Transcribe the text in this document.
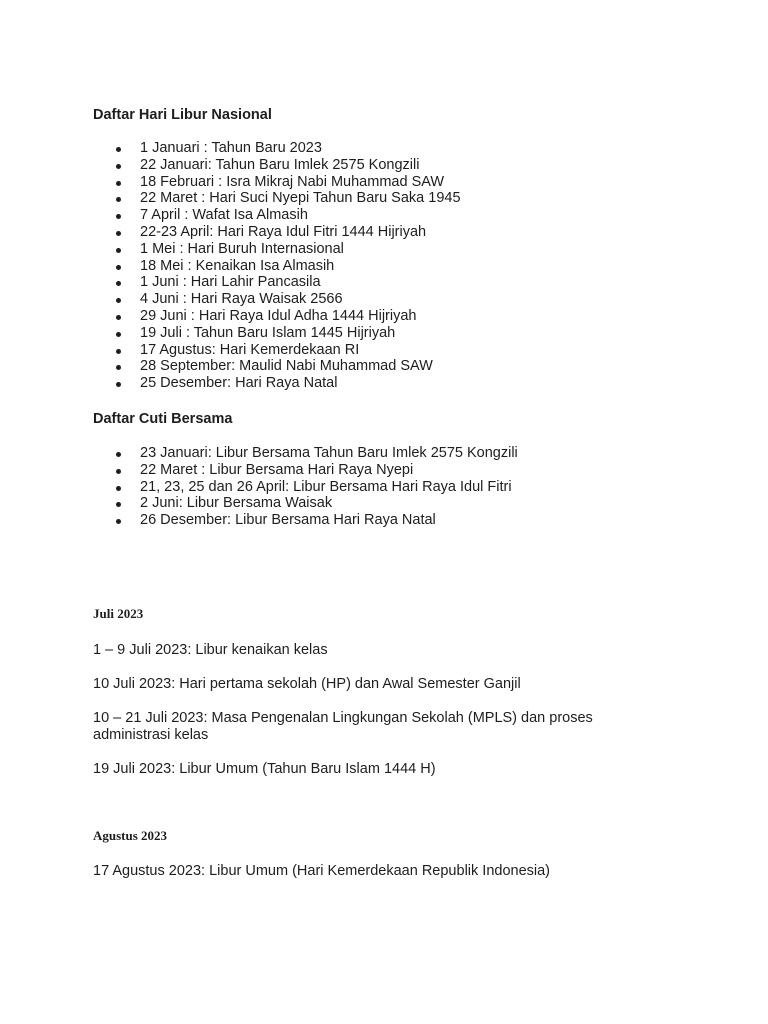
Daftar Hari Libur Nasional
1 Januari : Tahun Baru 2023
22 Januari: Tahun Baru Imlek 2575 Kongzili
18 Februari : Isra Mikraj Nabi Muhammad SAW
22 Maret : Hari Suci Nyepi Tahun Baru Saka 1945
7 April : Wafat Isa Almasih
22-23 April: Hari Raya Idul Fitri 1444 Hijriyah
1 Mei : Hari Buruh Internasional
18 Mei : Kenaikan Isa Almasih
1 Juni : Hari Lahir Pancasila
4 Juni : Hari Raya Waisak 2566
29 Juni : Hari Raya Idul Adha 1444 Hijriyah
19 Juli : Tahun Baru Islam 1445 Hijriyah
17 Agustus: Hari Kemerdekaan RI
28 September: Maulid Nabi Muhammad SAW
25 Desember: Hari Raya Natal
Daftar Cuti Bersama
23 Januari: Libur Bersama Tahun Baru Imlek 2575 Kongzili
22 Maret : Libur Bersama Hari Raya Nyepi
21, 23, 25 dan 26 April: Libur Bersama Hari Raya Idul Fitri
2 Juni: Libur Bersama Waisak
26 Desember: Libur Bersama Hari Raya Natal
Juli 2023

1 – 9 Juli 2023: Libur kenaikan kelas

10 Juli 2023: Hari pertama sekolah (HP) dan Awal Semester Ganjil

10 – 21 Juli 2023: Masa Pengenalan Lingkungan Sekolah (MPLS) dan proses administrasi kelas

19 Juli 2023: Libur Umum (Tahun Baru Islam 1444 H)

Agustus 2023

17 Agustus 2023: Libur Umum (Hari Kemerdekaan Republik Indonesia)
